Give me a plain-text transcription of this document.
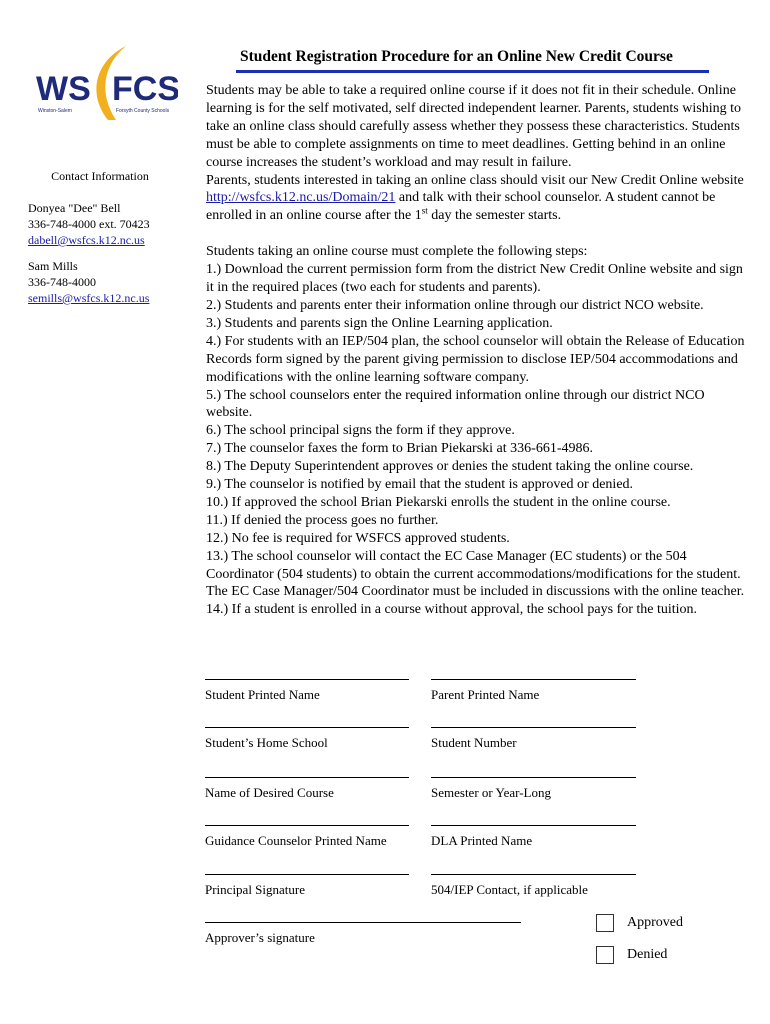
WS FCS
Winston-Salem	Forsyth County Schools
Contact Information
Donyea "Dee" Bell
336-748-4000 ext. 70423
dabell@wsfcs.k12.nc.us
Sam Mills
336-748-4000
semills@wsfcs.k12.nc.us
Student Registration Procedure for an Online New Credit Course

Students may be able to take a required online course if it does not fit in their schedule. Online learning is for the self motivated, self directed independent learner. Parents, students wishing to take an online class should carefully assess whether they possess these characteristics. Students must be able to complete assignments on time to meet deadlines. Getting behind in an online course increases the student’s workload and may result in failure.

Parents, students interested in taking an online class should visit our New Credit Online website http://wsfcs.k12.nc.us/Domain/21 and talk with their school counselor. A student cannot be enrolled in an online course after the 1st day the semester starts.

Students taking an online course must complete the following steps:

1.) Download the current permission form from the district New Credit Online website and sign it in the required places (two each for students and parents).
2.) Students and parents enter their information online through our district NCO website.
3.) Students and parents sign the Online Learning application.
4.) For students with an IEP/504 plan, the school counselor will obtain the Release of Education Records form signed by the parent giving permission to disclose IEP/504 accommodations and modifications with the online learning software company.
5.) The school counselors enter the required information online through our district NCO website.
6.) The school principal signs the form if they approve.
7.) The counselor faxes the form to Brian Piekarski at 336-661-4986.
8.) The Deputy Superintendent approves or denies the student taking the online course.
9.) The counselor is notified by email that the student is approved or denied.
10.) If approved the school Brian Piekarski enrolls the student in the online course.
11.) If denied the process goes no further.
12.) No fee is required for WSFCS approved students.
13.) The school counselor will contact the EC Case Manager (EC students) or the 504 Coordinator (504 students) to obtain the current accommodations/modifications for the student. The EC Case Manager/504 Coordinator must be included in discussions with the online teacher.
14.) If a student is enrolled in a course without approval, the school pays for the tuition.
Student Printed Name	Parent Printed Name
Student’s Home School	Student Number
Name of Desired Course	Semester or Year-Long
Guidance Counselor Printed Name	DLA Printed Name
Principal Signature	504/IEP Contact, if applicable
Approver’s signature
Approved
Denied
